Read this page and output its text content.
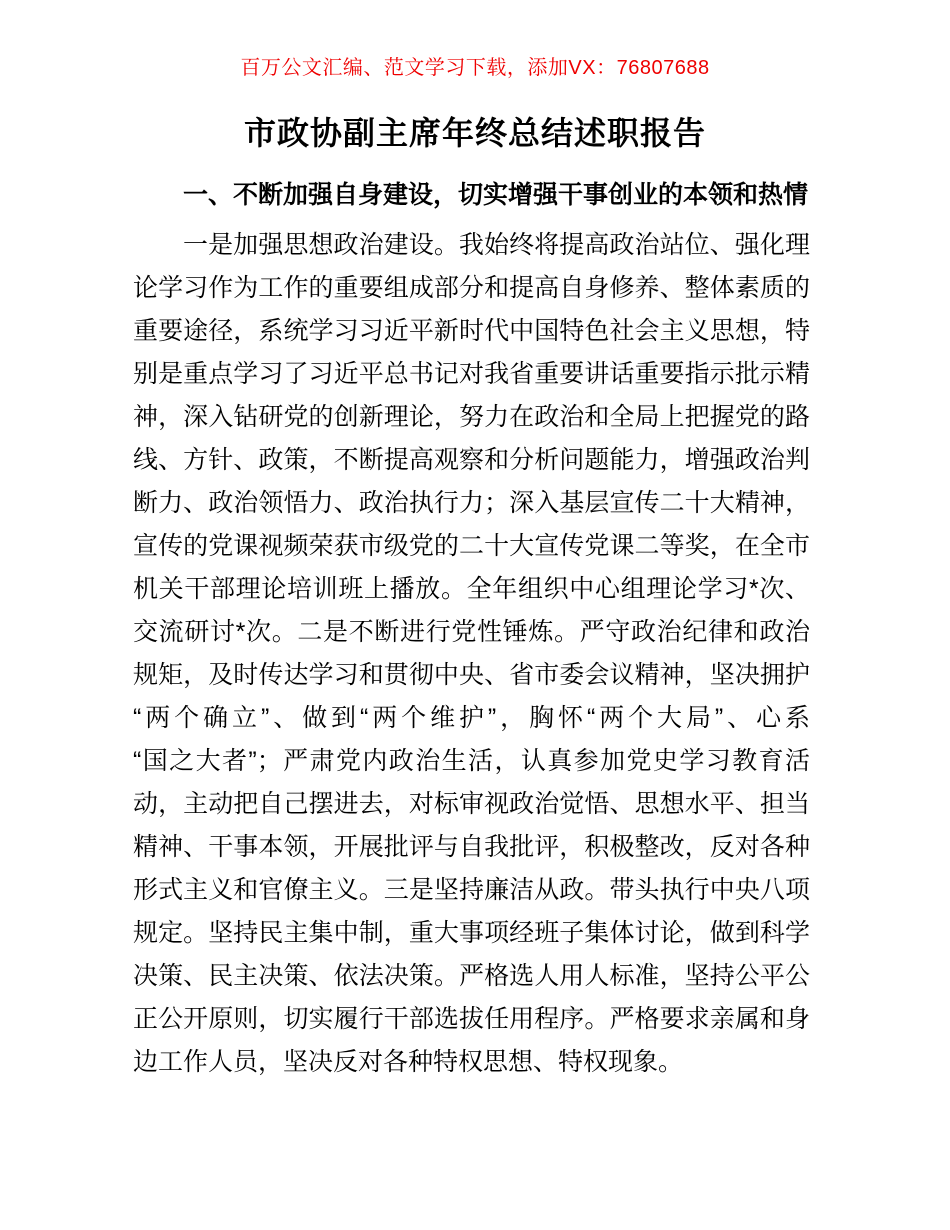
百万公文汇编、范文学习下载，添加VX：76807688
市政协副主席年终总结述职报告
一、不断加强自身建设，切实增强干事创业的本领和热情
一是加强思想政治建设。我始终将提高政治站位、强化理
论学习作为工作的重要组成部分和提高自身修养、整体素质的
重要途径，系统学习习近平新时代中国特色社会主义思想，特
别是重点学习了习近平总书记对我省重要讲话重要指示批示精
神，深入钻研党的创新理论，努力在政治和全局上把握党的路
线、方针、政策，不断提高观察和分析问题能力，增强政治判
断力、政治领悟力、政治执行力；深入基层宣传二十大精神，
宣传的党课视频荣获市级党的二十大宣传党课二等奖，在全市
机关干部理论培训班上播放。全年组织中心组理论学习*次、
交流研讨*次。二是不断进行党性锤炼。严守政治纪律和政治
规矩，及时传达学习和贯彻中央、省市委会议精神，坚决拥护
“两个确立”、做到“两个维护”，胸怀“两个大局”、心系
“国之大者”；严肃党内政治生活，认真参加党史学习教育活
动，主动把自己摆进去，对标审视政治觉悟、思想水平、担当
精神、干事本领，开展批评与自我批评，积极整改，反对各种
形式主义和官僚主义。三是坚持廉洁从政。带头执行中央八项
规定。坚持民主集中制，重大事项经班子集体讨论，做到科学
决策、民主决策、依法决策。严格选人用人标准，坚持公平公
正公开原则，切实履行干部选拔任用程序。严格要求亲属和身
边工作人员，坚决反对各种特权思想、特权现象。
